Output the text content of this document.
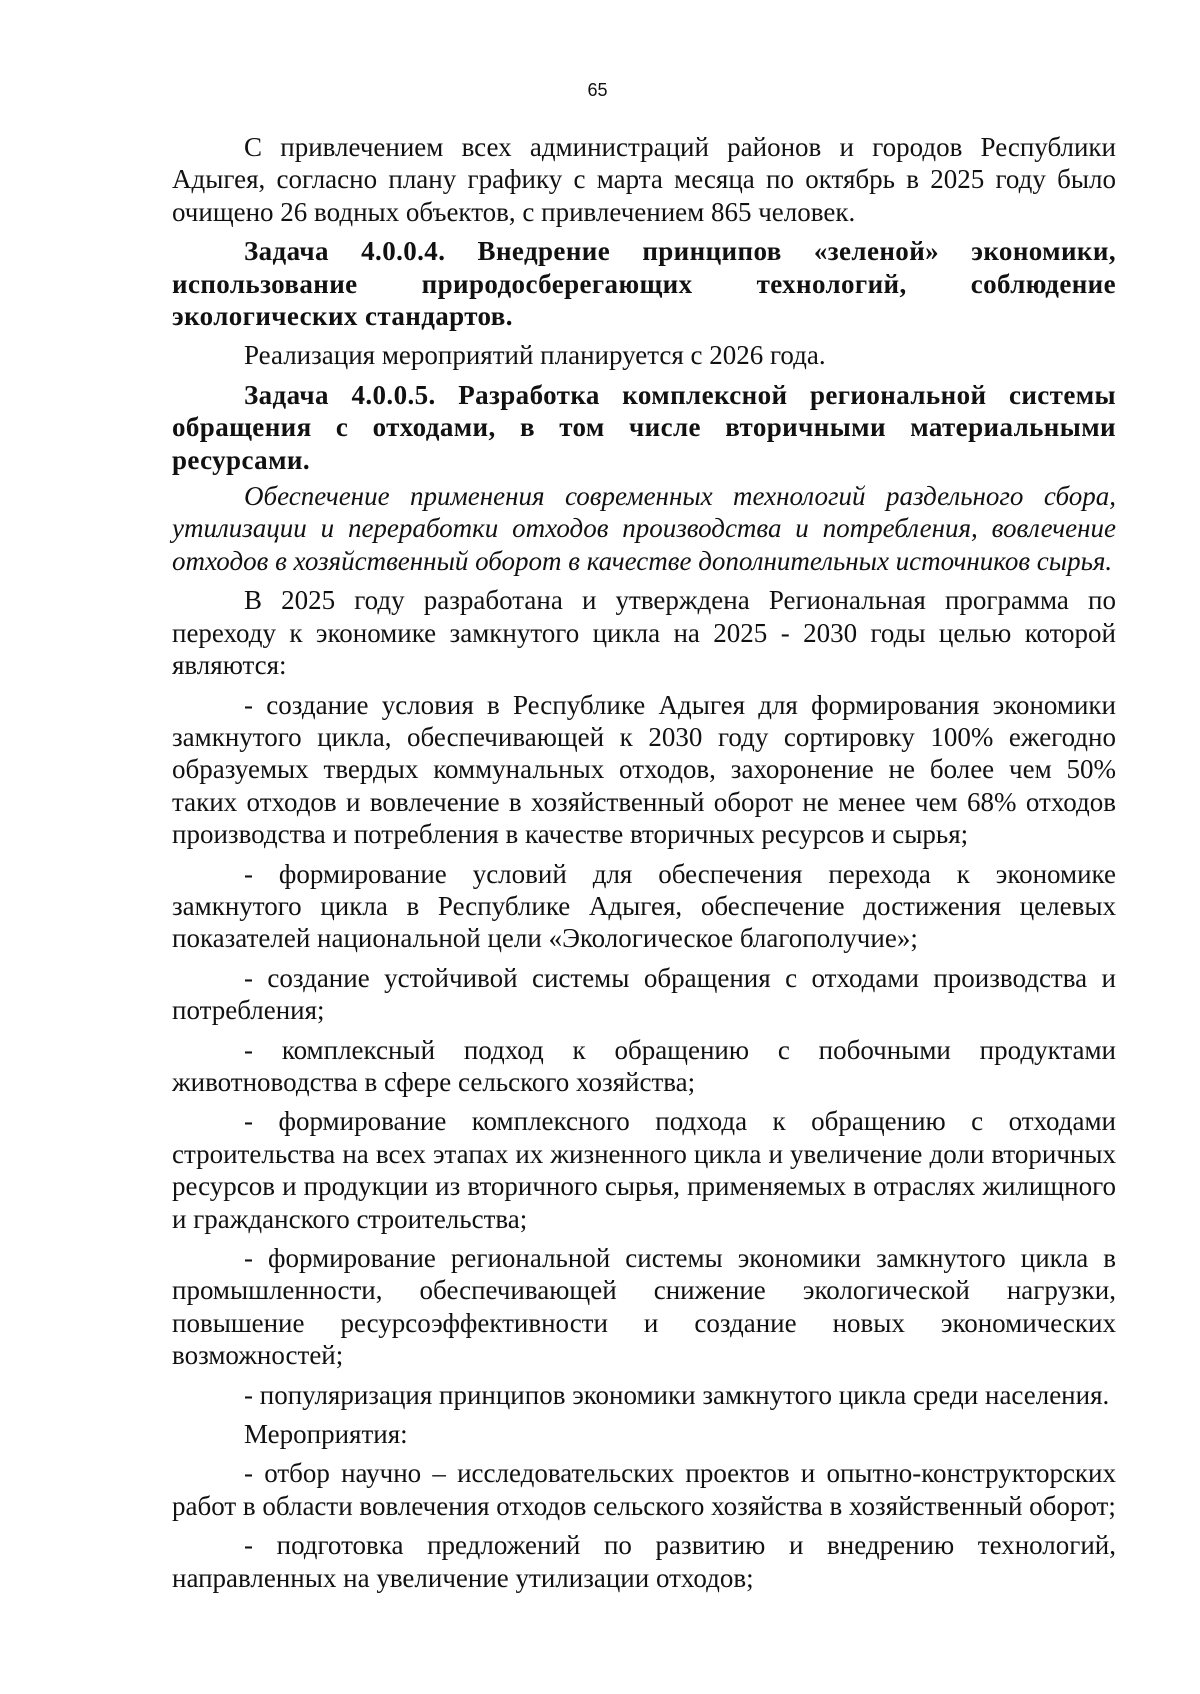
65

С привлечением всех администраций районов и городов Республики Адыгея, согласно плану графику с марта месяца по октябрь в 2025 году было очищено 26 водных объектов, с привлечением 865 человек.

Задача 4.0.0.4. Внедрение принципов «зеленой» экономики, использование природосберегающих технологий, соблюдение экологических стандартов.

Реализация мероприятий планируется с 2026 года.

Задача 4.0.0.5. Разработка комплексной региональной системы обращения с отходами, в том числе вторичными материальными ресурсами.

Обеспечение применения современных технологий раздельного сбора, утилизации и переработки отходов производства и потребления, вовлечение отходов в хозяйственный оборот в качестве дополнительных источников сырья.

В 2025 году разработана и утверждена Региональная программа по переходу к экономике замкнутого цикла на 2025 - 2030 годы целью которой являются:

- создание условия в Республике Адыгея для формирования экономики замкнутого цикла, обеспечивающей к 2030 году сортировку 100% ежегодно образуемых твердых коммунальных отходов, захоронение не более чем 50% таких отходов и вовлечение в хозяйственный оборот не менее чем 68% отходов производства и потребления в качестве вторичных ресурсов и сырья;

- формирование условий для обеспечения перехода к экономике замкнутого цикла в Республике Адыгея, обеспечение достижения целевых показателей национальной цели «Экологическое благополучие»;

- создание устойчивой системы обращения с отходами производства и потребления;

- комплексный подход к обращению с побочными продуктами животноводства в сфере сельского хозяйства;

- формирование комплексного подхода к обращению с отходами строительства на всех этапах их жизненного цикла и увеличение доли вторичных ресурсов и продукции из вторичного сырья, применяемых в отраслях жилищного и гражданского строительства;

- формирование региональной системы экономики замкнутого цикла в промышленности, обеспечивающей снижение экологической нагрузки, повышение ресурсоэффективности и создание новых экономических возможностей;

- популяризация принципов экономики замкнутого цикла среди населения.

Мероприятия:

- отбор научно – исследовательских проектов и опытно-конструкторских работ в области вовлечения отходов сельского хозяйства в хозяйственный оборот;

- подготовка предложений по развитию и внедрению технологий, направленных на увеличение утилизации отходов;
